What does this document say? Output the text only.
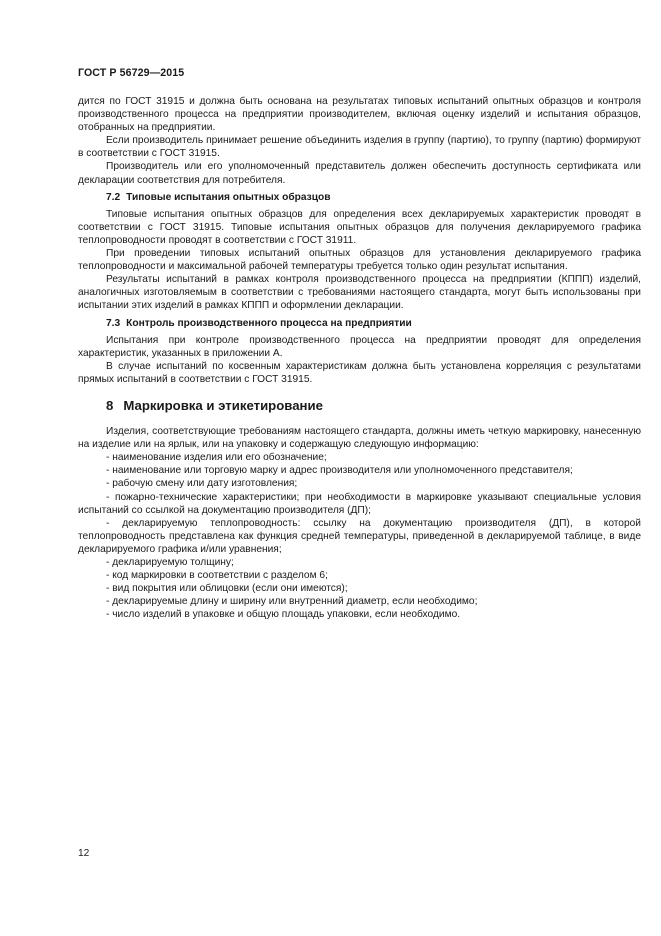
ГОСТ Р 56729—2015

дится по ГОСТ 31915 и должна быть основана на результатах типовых испытаний опытных образцов и контроля производственного процесса на предприятии производителем, включая оценку изделий и испытания образцов, отобранных на предприятии.

Если производитель принимает решение объединить изделия в группу (партию), то группу (партию) формируют в соответствии с ГОСТ 31915.

Производитель или его уполномоченный представитель должен обеспечить доступность сертификата или декларации соответствия для потребителя.

7.2 Типовые испытания опытных образцов

Типовые испытания опытных образцов для определения всех декларируемых характеристик проводят в соответствии с ГОСТ 31915. Типовые испытания опытных образцов для получения декларируемого графика теплопроводности проводят в соответствии с ГОСТ 31911.

При проведении типовых испытаний опытных образцов для установления декларируемого графика теплопроводности и максимальной рабочей температуры требуется только один результат испытания.

Результаты испытаний в рамках контроля производственного процесса на предприятии (КППП) изделий, аналогичных изготовляемым в соответствии с требованиями настоящего стандарта, могут быть использованы при испытании этих изделий в рамках КППП и оформлении декларации.

7.3 Контроль производственного процесса на предприятии

Испытания при контроле производственного процесса на предприятии проводят для определения характеристик, указанных в приложении А.

В случае испытаний по косвенным характеристикам должна быть установлена корреляция с результатами прямых испытаний в соответствии с ГОСТ 31915.

8 Маркировка и этикетирование

Изделия, соответствующие требованиям настоящего стандарта, должны иметь четкую маркировку, нанесенную на изделие или на ярлык, или на упаковку и содержащую следующую информацию:

- наименование изделия или его обозначение;

- наименование или торговую марку и адрес производителя или уполномоченного представителя;

- рабочую смену или дату изготовления;

- пожарно-технические характеристики; при необходимости в маркировке указывают специальные условия испытаний со ссылкой на документацию производителя (ДП);

- декларируемую теплопроводность: ссылку на документацию производителя (ДП), в которой теплопроводность представлена как функция средней температуры, приведенной в декларируемой таблице, в виде декларируемого графика и/или уравнения;

- декларируемую толщину;

- код маркировки в соответствии с разделом 6;

- вид покрытия или облицовки (если они имеются);

- декларируемые длину и ширину или внутренний диаметр, если необходимо;

- число изделий в упаковке и общую площадь упаковки, если необходимо.

12
